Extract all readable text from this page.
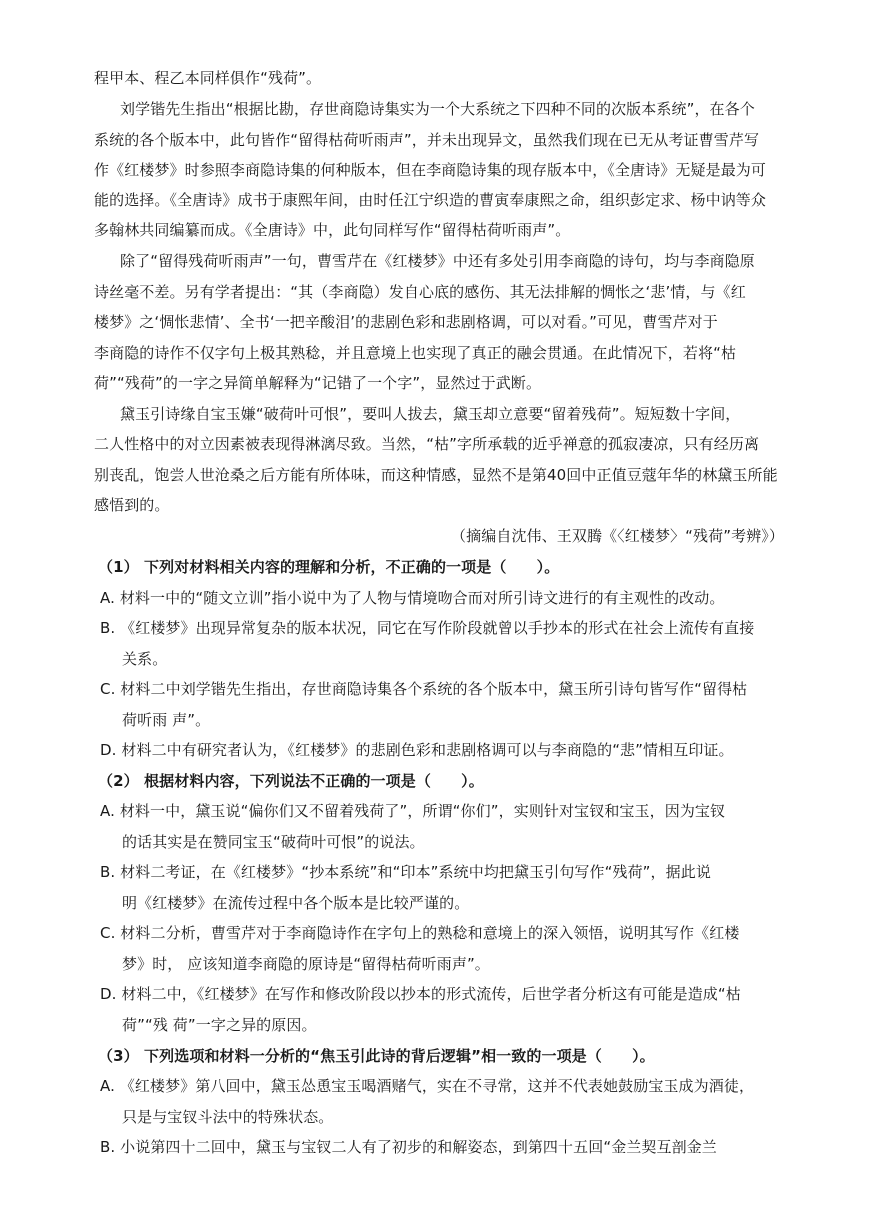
程甲本、程乙本同样俱作“残荷”。
刘学锴先生指出“根据比勘，存世商隐诗集实为一个大系统之下四种不同的次版本系统”，在各个
系统的各个版本中，此句皆作“留得枯荷听雨声”，并未出现异文，虽然我们现在已无从考证曹雪芹写
作《红楼梦》时参照李商隐诗集的何种版本，但在李商隐诗集的现存版本中，《全唐诗》无疑是最为可
能的选择。《全唐诗》成书于康熙年间，由时任江宁织造的曹寅奉康熙之命，组织彭定求、杨中讷等众
多翰林共同编纂而成。《全唐诗》中，此句同样写作“留得枯荷听雨声”。
除了“留得残荷听雨声”一句，曹雪芹在《红楼梦》中还有多处引用李商隐的诗句，均与李商隐原
诗丝毫不差。另有学者提出：“其（李商隐）发自心底的感伤、其无法排解的惆怅之‘悲’情，与《红
楼梦》之‘惆怅悲情’、全书‘一把辛酸泪’的悲剧色彩和悲剧格调，可以对看。”可见，曹雪芹对于
李商隐的诗作不仅字句上极其熟稔，并且意境上也实现了真正的融会贯通。在此情况下，若将“枯
荷”“残荷”的一字之异简单解释为“记错了一个字”，显然过于武断。
黛玉引诗缘自宝玉嫌“破荷叶可恨”，要叫人拔去，黛玉却立意要“留着残荷”。短短数十字间，
二人性格中的对立因素被表现得淋漓尽致。当然，“枯”字所承载的近乎禅意的孤寂凄凉，只有经历离
别丧乱，饱尝人世沧桑之后方能有所体味，而这种情感，显然不是第40回中正值豆蔻年华的林黛玉所能
感悟到的。
（摘编自沈伟、王双腾《〈红楼梦〉“残荷”考辨》）
（1） 下列对材料相关内容的理解和分析，不正确的一项是（　　）。
A. 材料一中的“随文立训”指小说中为了人物与情境吻合而对所引诗文进行的有主观性的改动。
B. 《红楼梦》出现异常复杂的版本状况，同它在写作阶段就曾以手抄本的形式在社会上流传有直接
关系。
C. 材料二中刘学锴先生指出，存世商隐诗集各个系统的各个版本中，黛玉所引诗句皆写作“留得枯
荷听雨 声”。
D. 材料二中有研究者认为，《红楼梦》的悲剧色彩和悲剧格调可以与李商隐的“悲”情相互印证。
（2） 根据材料内容，下列说法不正确的一项是（　　）。
A. 材料一中，黛玉说“偏你们又不留着残荷了”，所谓“你们”，实则针对宝钗和宝玉，因为宝钗
的话其实是在赞同宝玉“破荷叶可恨”的说法。
B. 材料二考证，在《红楼梦》“抄本系统”和“印本”系统中均把黛玉引句写作“残荷”，据此说
明《红楼梦》在流传过程中各个版本是比较严谨的。
C. 材料二分析，曹雪芹对于李商隐诗作在字句上的熟稔和意境上的深入领悟，说明其写作《红楼
梦》时， 应该知道李商隐的原诗是“留得枯荷听雨声”。
D. 材料二中，《红楼梦》在写作和修改阶段以抄本的形式流传，后世学者分析这有可能是造成“枯
荷”“残 荷”一字之异的原因。
（3） 下列选项和材料一分析的“焦玉引此诗的背后逻辑”相一致的一项是（　　）。
A. 《红楼梦》第八回中，黛玉怂恿宝玉喝酒赌气，实在不寻常，这并不代表她鼓励宝玉成为酒徒，
只是与宝钗斗法中的特殊状态。
B. 小说第四十二回中，黛玉与宝钗二人有了初步的和解姿态，到第四十五回“金兰契互剖金兰
